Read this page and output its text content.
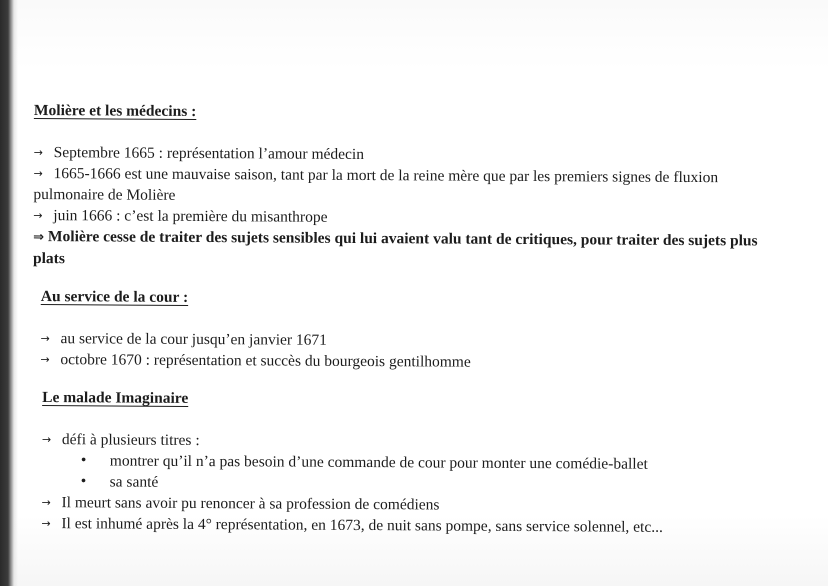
Molière et les médecins :

→ Septembre 1665 : représentation l’amour médecin

→ 1665-1666 est une mauvaise saison, tant par la mort de la reine mère que par les premiers signes de fluxion pulmonaire de Molière

→ juin 1666 : c’est la première du misanthrope

⇒ Molière cesse de traiter des sujets sensibles qui lui avaient valu tant de critiques, pour traiter des sujets plus plats

Au service de la cour :

→ au service de la cour jusqu’en janvier 1671

→ octobre 1670 : représentation et succès du bourgeois gentilhomme

Le malade Imaginaire

→ défi à plusieurs titres :

• montrer qu’il n’a pas besoin d’une commande de cour pour monter une comédie-ballet
• sa santé

→ Il meurt sans avoir pu renoncer à sa profession de comédiens

→ Il est inhumé après la 4° représentation, en 1673, de nuit sans pompe, sans service solennel, etc...
